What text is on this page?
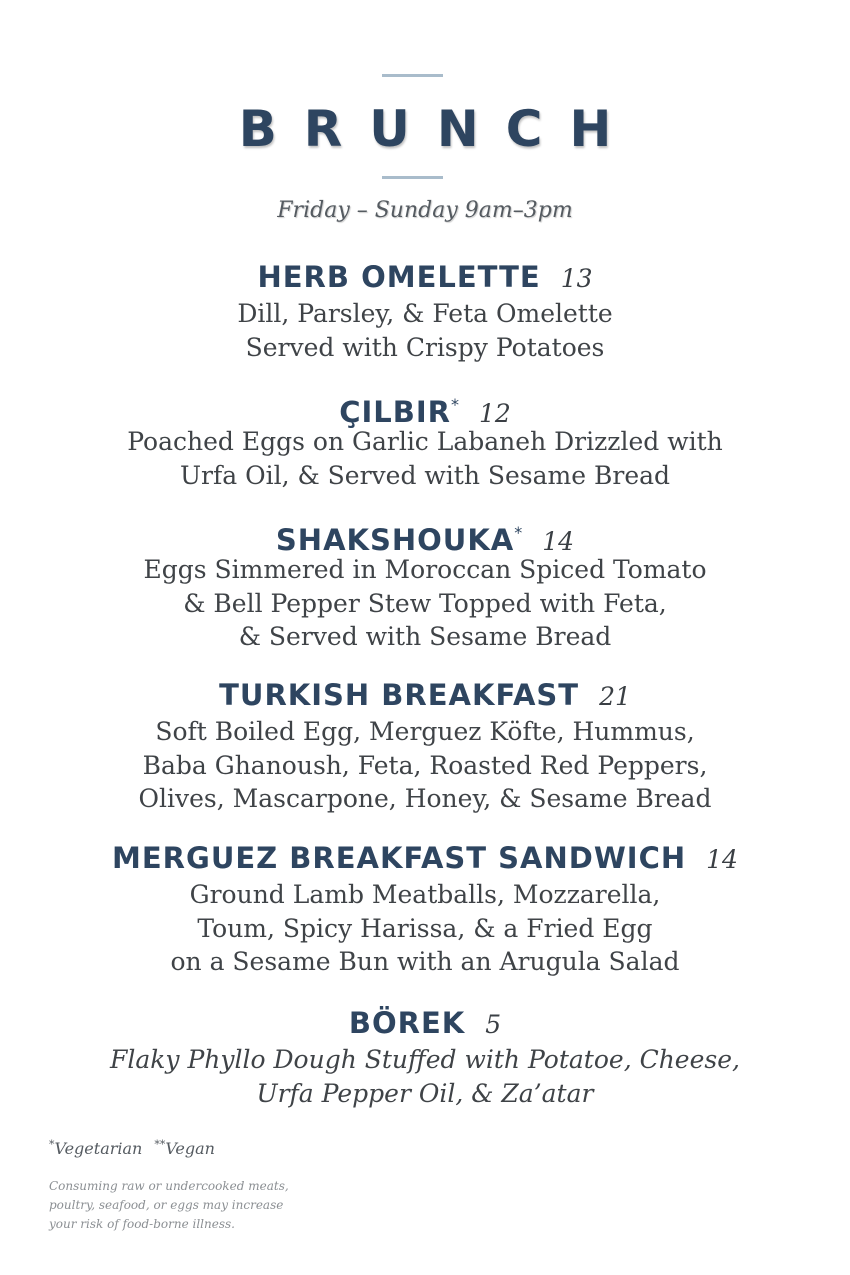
BRUNCH
Friday – Sunday 9am–3pm
HERB OMELETTE 13
Dill, Parsley, & Feta Omelette
Served with Crispy Potatoes
ÇILBIR* 12
Poached Eggs on Garlic Labaneh Drizzled with
Urfa Oil, & Served with Sesame Bread
SHAKSHOUKA* 14
Eggs Simmered in Moroccan Spiced Tomato
& Bell Pepper Stew Topped with Feta,
& Served with Sesame Bread
TURKISH BREAKFAST 21
Soft Boiled Egg, Merguez Köfte, Hummus,
Baba Ghanoush, Feta, Roasted Red Peppers,
Olives, Mascarpone, Honey, & Sesame Bread
MERGUEZ BREAKFAST SANDWICH 14
Ground Lamb Meatballs, Mozzarella,
Toum, Spicy Harissa, & a Fried Egg
on a Sesame Bun with an Arugula Salad
BÖREK 5
Flaky Phyllo Dough Stuffed with Potatoe, Cheese,
Urfa Pepper Oil, & Za’atar
*Vegetarian **Vegan
Consuming raw or undercooked meats,
poultry, seafood, or eggs may increase
your risk of food-borne illness.
